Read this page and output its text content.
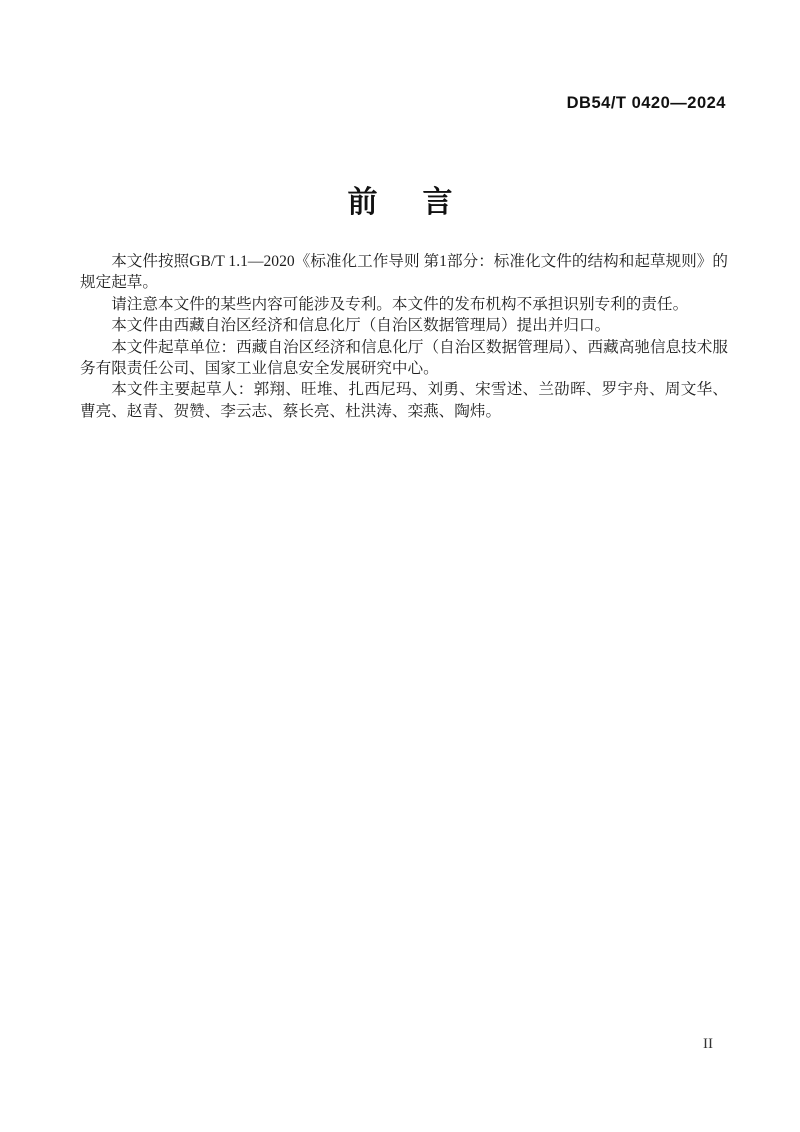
DB54/T 0420—2024
前　言

本文件按照GB/T 1.1—2020《标准化工作导则 第1部分：标准化文件的结构和起草规则》的规定起草。

请注意本文件的某些内容可能涉及专利。本文件的发布机构不承担识别专利的责任。

本文件由西藏自治区经济和信息化厅（自治区数据管理局）提出并归口。

本文件起草单位：西藏自治区经济和信息化厅（自治区数据管理局）、西藏高驰信息技术服务有限责任公司、国家工业信息安全发展研究中心。

本文件主要起草人：郭翔、旺堆、扎西尼玛、刘勇、宋雪述、兰劭晖、罗宇舟、周文华、曹亮、赵青、贺赞、李云志、蔡长亮、杜洪涛、栾燕、陶炜。

II
